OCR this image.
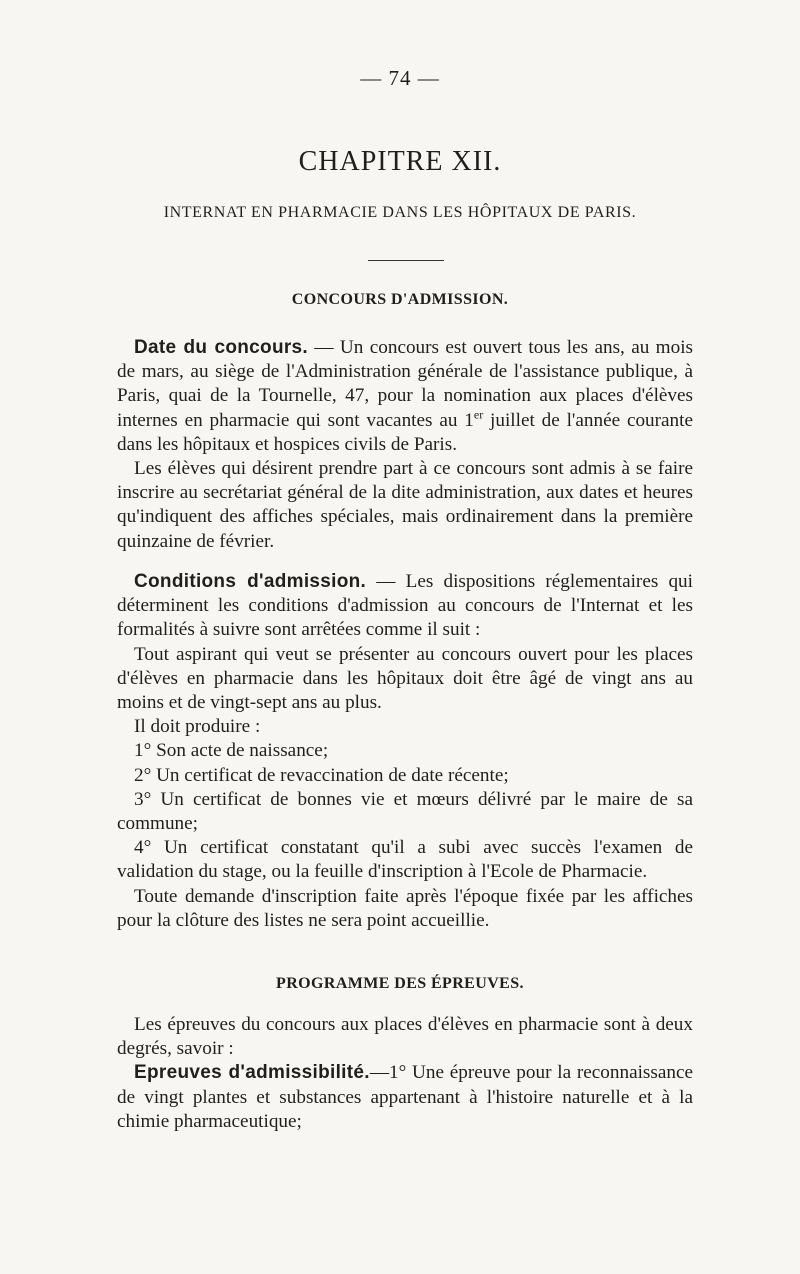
— 74 —
CHAPITRE XII.
INTERNAT EN PHARMACIE DANS LES HÔPITAUX DE PARIS.
CONCOURS D'ADMISSION.

Date du concours. — Un concours est ouvert tous les ans, au mois de mars, au siège de l'Administration générale de l'assistance publique, à Paris, quai de la Tournelle, 47, pour la nomination aux places d'élèves internes en pharmacie qui sont vacantes au 1er juillet de l'année courante dans les hôpitaux et hospices civils de Paris.

Les élèves qui désirent prendre part à ce concours sont admis à se faire inscrire au secrétariat général de la dite administration, aux dates et heures qu'indiquent des affiches spéciales, mais ordinairement dans la première quinzaine de février.

Conditions d'admission. — Les dispositions réglementaires qui déterminent les conditions d'admission au concours de l'Internat et les formalités à suivre sont arrêtées comme il suit :

Tout aspirant qui veut se présenter au concours ouvert pour les places d'élèves en pharmacie dans les hôpitaux doit être âgé de vingt ans au moins et de vingt-sept ans au plus.

Il doit produire :

1° Son acte de naissance;

2° Un certificat de revaccination de date récente;

3° Un certificat de bonnes vie et mœurs délivré par le maire de sa commune;

4° Un certificat constatant qu'il a subi avec succès l'examen de validation du stage, ou la feuille d'inscription à l'Ecole de Pharmacie.

Toute demande d'inscription faite après l'époque fixée par les affiches pour la clôture des listes ne sera point accueillie.

PROGRAMME DES ÉPREUVES.

Les épreuves du concours aux places d'élèves en pharmacie sont à deux degrés, savoir :

Epreuves d'admissibilité.—1° Une épreuve pour la reconnaissance de vingt plantes et substances appartenant à l'histoire naturelle et à la chimie pharmaceutique;
